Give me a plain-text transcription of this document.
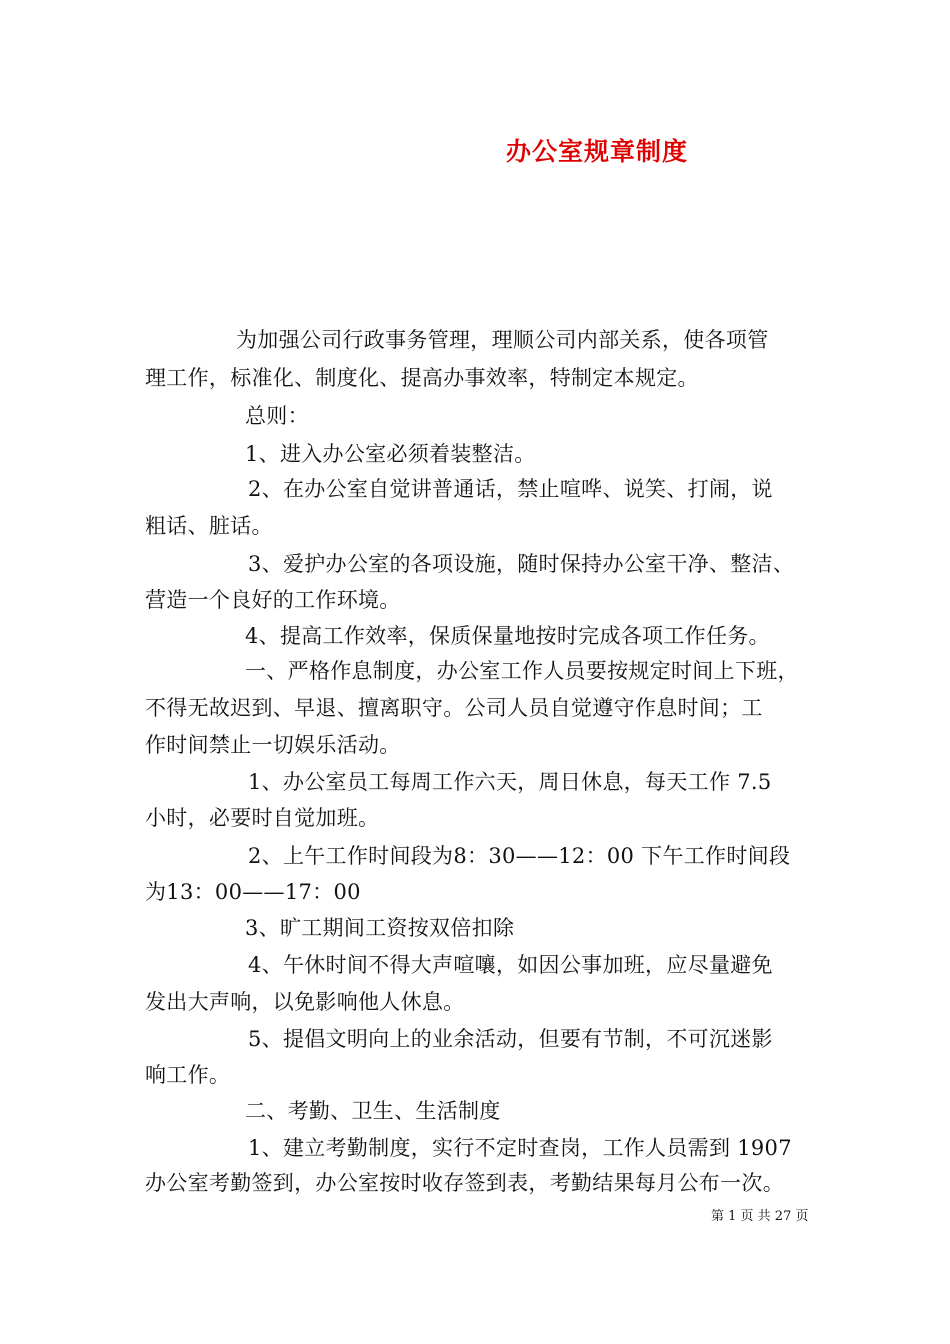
办公室规章制度
为加强公司行政事务管理，理顺公司内部关系，使各项管
理工作，标准化、制度化、提高办事效率，特制定本规定。
总则：
1、进入办公室必须着装整洁。
2、在办公室自觉讲普通话，禁止喧哗、说笑、打闹，说
粗话、脏话。
3、爱护办公室的各项设施，随时保持办公室干净、整洁、
营造一个良好的工作环境。
4、提高工作效率，保质保量地按时完成各项工作任务。
一、严格作息制度，办公室工作人员要按规定时间上下班，
不得无故迟到、早退、擅离职守。公司人员自觉遵守作息时间；工
作时间禁止一切娱乐活动。
1、办公室员工每周工作六天，周日休息，每天工作 7.5
小时，必要时自觉加班。
2、上午工作时间段为8：30——12：00 下午工作时间段
为13：00——17：00
3、旷工期间工资按双倍扣除
4、午休时间不得大声喧嚷，如因公事加班，应尽量避免
发出大声响，以免影响他人休息。
5、提倡文明向上的业余活动，但要有节制，不可沉迷影
响工作。
二、考勤、卫生、生活制度
1、建立考勤制度，实行不定时查岗，工作人员需到 1907
办公室考勤签到，办公室按时收存签到表，考勤结果每月公布一次。
第 1 页 共 27 页
